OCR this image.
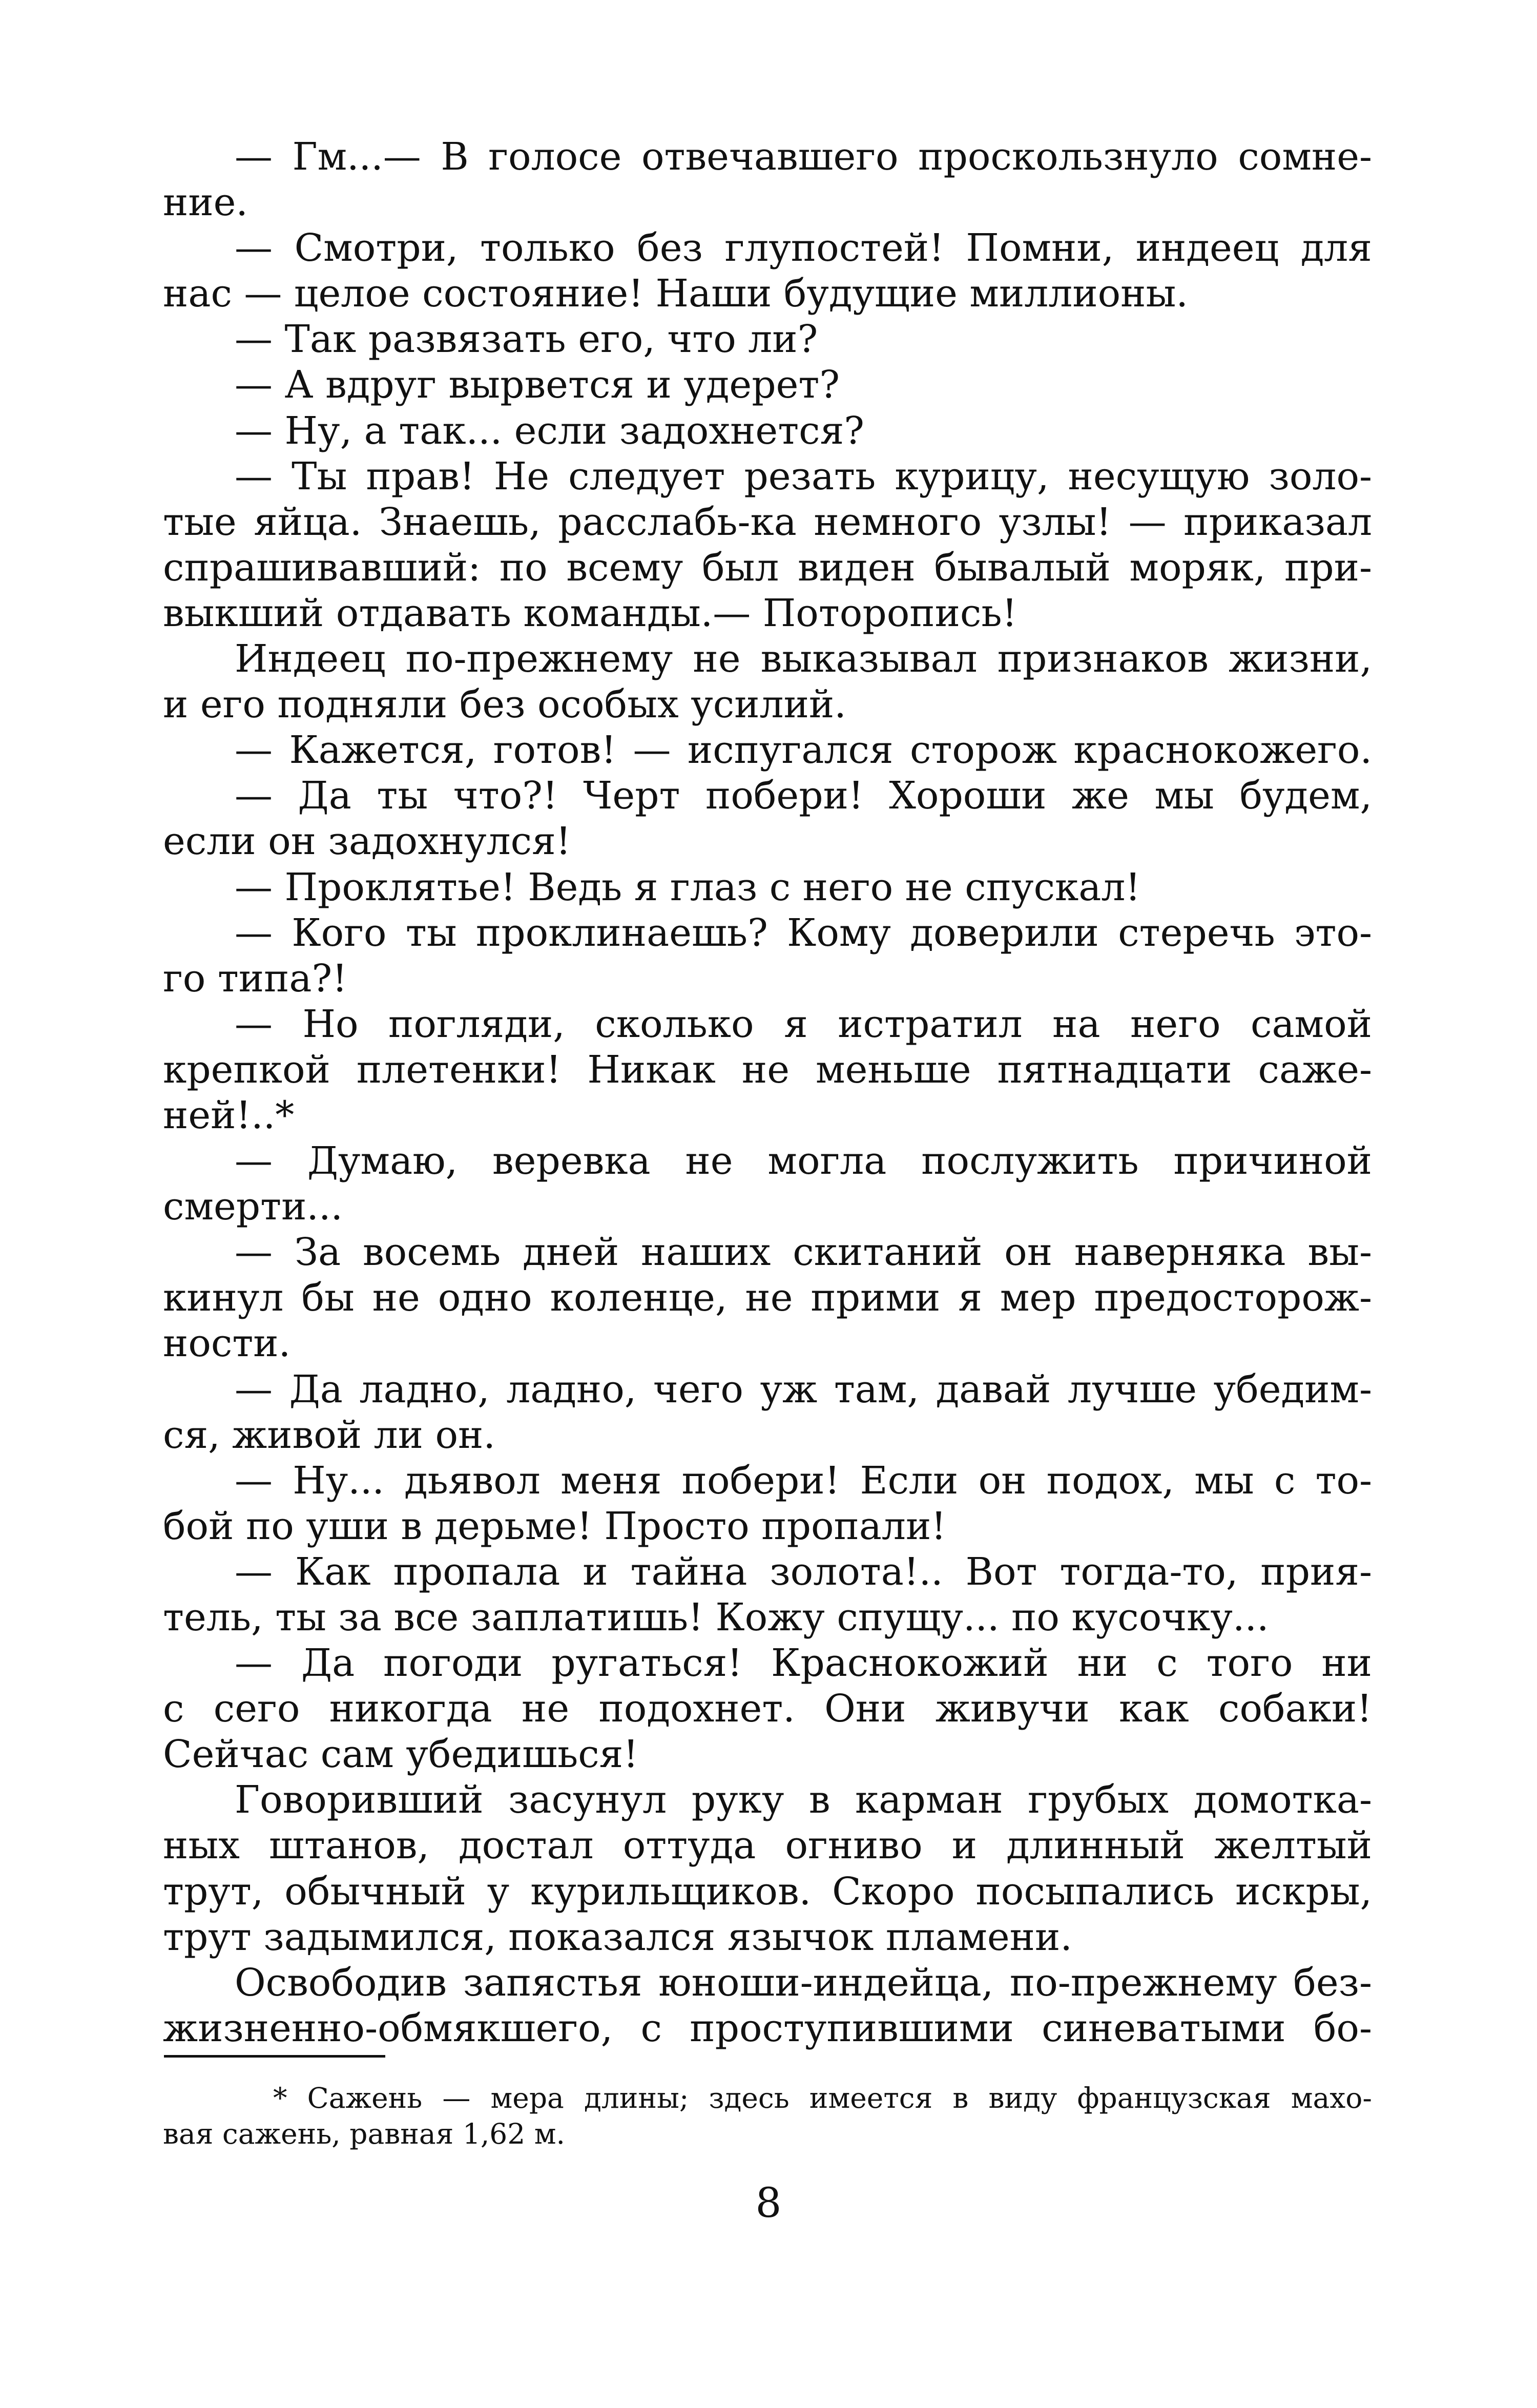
— Гм...— В голосе отвечавшего проскользнуло сомне-
ние.
— Смотри, только без глупостей! Помни, индеец для
нас — целое состояние! Наши будущие миллионы.
— Так развязать его, что ли?
— А вдруг вырвется и удерет?
— Ну, а так... если задохнется?
— Ты прав! Не следует резать курицу, несущую золо-
тые яйца. Знаешь, расслабь-ка немного узлы! — приказал
спрашивавший: по всему был виден бывалый моряк, при-
выкший отдавать команды.— Поторопись!
Индеец по-прежнему не выказывал признаков жизни,
и его подняли без особых усилий.
— Кажется, готов! — испугался сторож краснокожего.
— Да ты что?! Черт побери! Хороши же мы будем,
если он задохнулся!
— Проклятье! Ведь я глаз с него не спускал!
— Кого ты проклинаешь? Кому доверили стеречь это-
го типа?!
— Но погляди, сколько я истратил на него самой
крепкой плетенки! Никак не меньше пятнадцати саже-
ней!..*
— Думаю, веревка не могла послужить причиной
смерти...
— За восемь дней наших скитаний он наверняка вы-
кинул бы не одно коленце, не прими я мер предосторож-
ности.
— Да ладно, ладно, чего уж там, давай лучше убедим-
ся, живой ли он.
— Ну... дьявол меня побери! Если он подох, мы с то-
бой по уши в дерьме! Просто пропали!
— Как пропала и тайна золота!.. Вот тогда-то, прия-
тель, ты за все заплатишь! Кожу спущу... по кусочку...
— Да погоди ругаться! Краснокожий ни с того ни
с сего никогда не подохнет. Они живучи как собаки!
Сейчас сам убедишься!
Говоривший засунул руку в карман грубых домотка-
ных штанов, достал оттуда огниво и длинный желтый
трут, обычный у курильщиков. Скоро посыпались искры,
трут задымился, показался язычок пламени.
Освободив запястья юноши-индейца, по-прежнему без-
жизненно-обмякшего, с проступившими синеватыми бо-
* Сажень — мера длины; здесь имеется в виду французская махо-
вая сажень, равная 1,62 м.
8
